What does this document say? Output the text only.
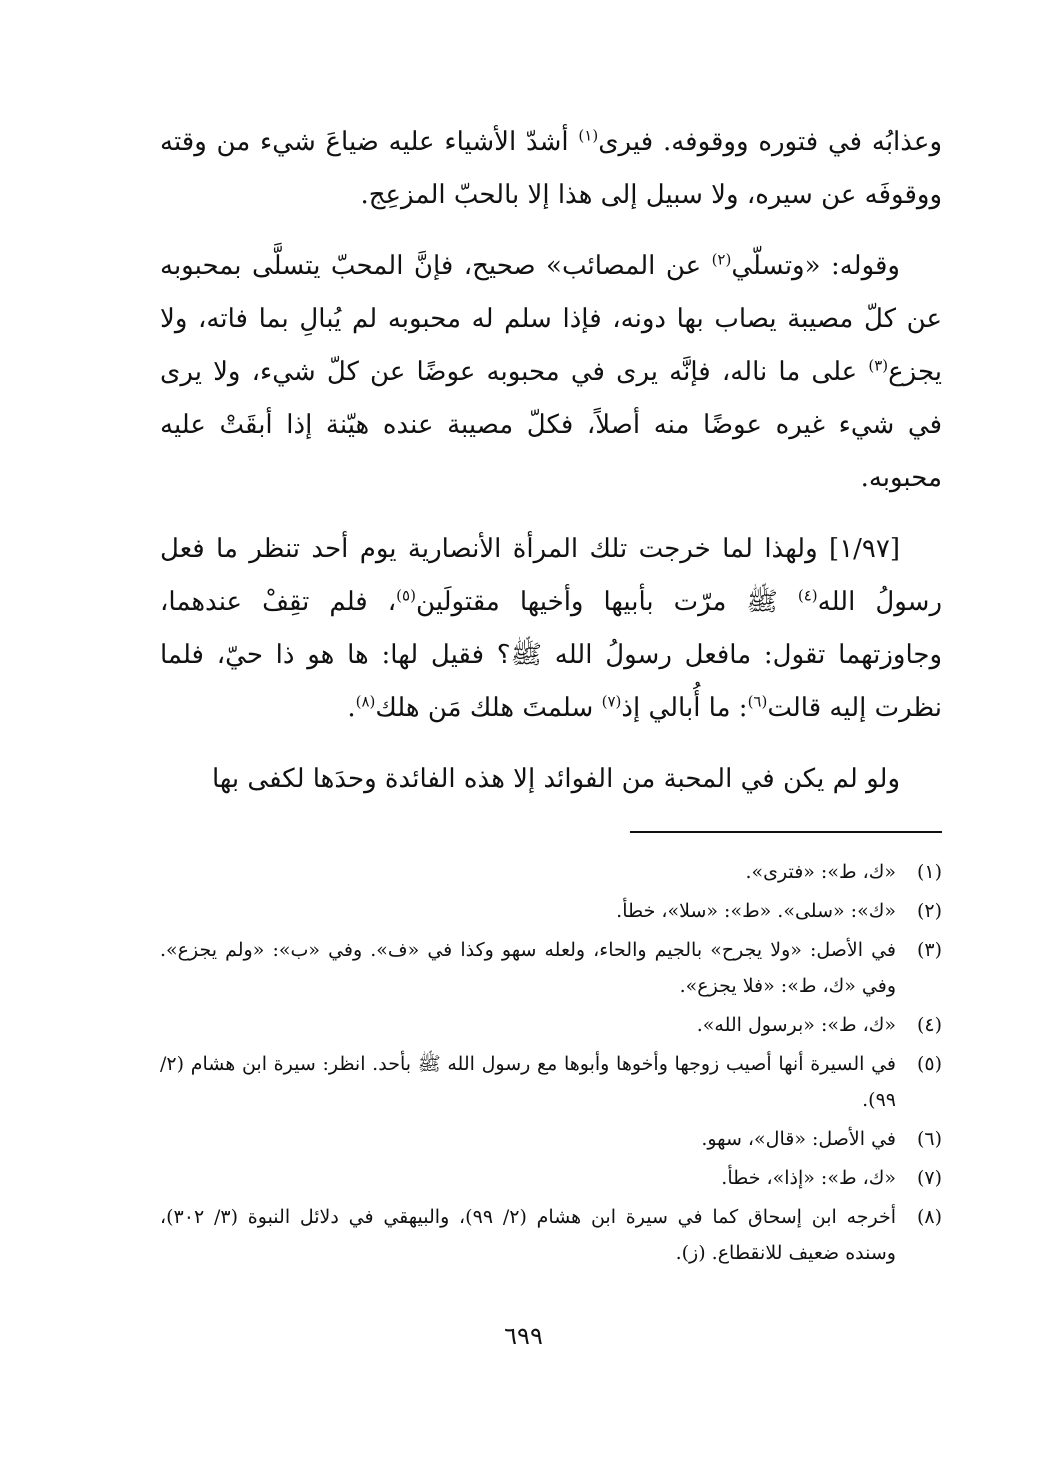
وعذابُه في فتوره ووقوفه. فيرى$^{(١)}$ أشدّ الأشياء عليه ضياعَ شيء من وقته ووقوفَه عن سيره، ولا سبيل إلى هذا إلا بالحبّ المزعِج.

وقوله: «وتسلّي$^{(٢)}$ عن المصائب» صحيح، فإنَّ المحبّ يتسلَّى بمحبوبه عن كلّ مصيبة يصاب بها دونه، فإذا سلم له محبوبه لم يُبالِ بما فاته، ولا يجزع$^{(٣)}$ على ما ناله، فإنَّه يرى في محبوبه عوضًا عن كلّ شيء، ولا يرى في شيء غيره عوضًا منه أصلاً، فكلّ مصيبة عنده هيّنة إذا أبقَتْ عليه محبوبه.

[١/٩٧] ولهذا لما خرجت تلك المرأة الأنصارية يوم أحد تنظر ما فعل رسولُ الله$^{(٤)}$ ﷺ مرّت بأبيها وأخيها مقتولَين$^{(٥)}$، فلم تقِفْ عندهما، وجاوزتهما تقول: مافعل رسولُ الله ﷺ؟ فقيل لها: ها هو ذا حيّ، فلما نظرت إليه قالت$^{(٦)}$: ما أُبالي إذ$^{(٧)}$ سلمتَ هلك مَن هلك$^{(٨)}$.

ولو لم يكن في المحبة من الفوائد إلا هذه الفائدة وحدَها لكفى بها

(١)
«ك، ط»: «فترى».
(٢)
«ك»: «سلى». «ط»: «سلا»، خطأ.
(٣)
في الأصل: «ولا يجرح» بالجيم والحاء، ولعله سهو وكذا في «ف». وفي «ب»: «ولم يجزع». وفي «ك، ط»: «فلا يجزع».
(٤)
«ك، ط»: «برسول الله».
(٥)
في السيرة أنها أصيب زوجها وأخوها وأبوها مع رسول الله ﷺ بأحد. انظر: سيرة ابن هشام (٢/ ٩٩).
(٦)
في الأصل: «قال»، سهو.
(٧)
«ك، ط»: «إذا»، خطأ.
(٨)
أخرجه ابن إسحاق كما في سيرة ابن هشام (٢/ ٩٩)، والبيهقي في دلائل النبوة (٣/ ٣٠٢)، وسنده ضعيف للانقطاع. (ز).
٦٩٩
